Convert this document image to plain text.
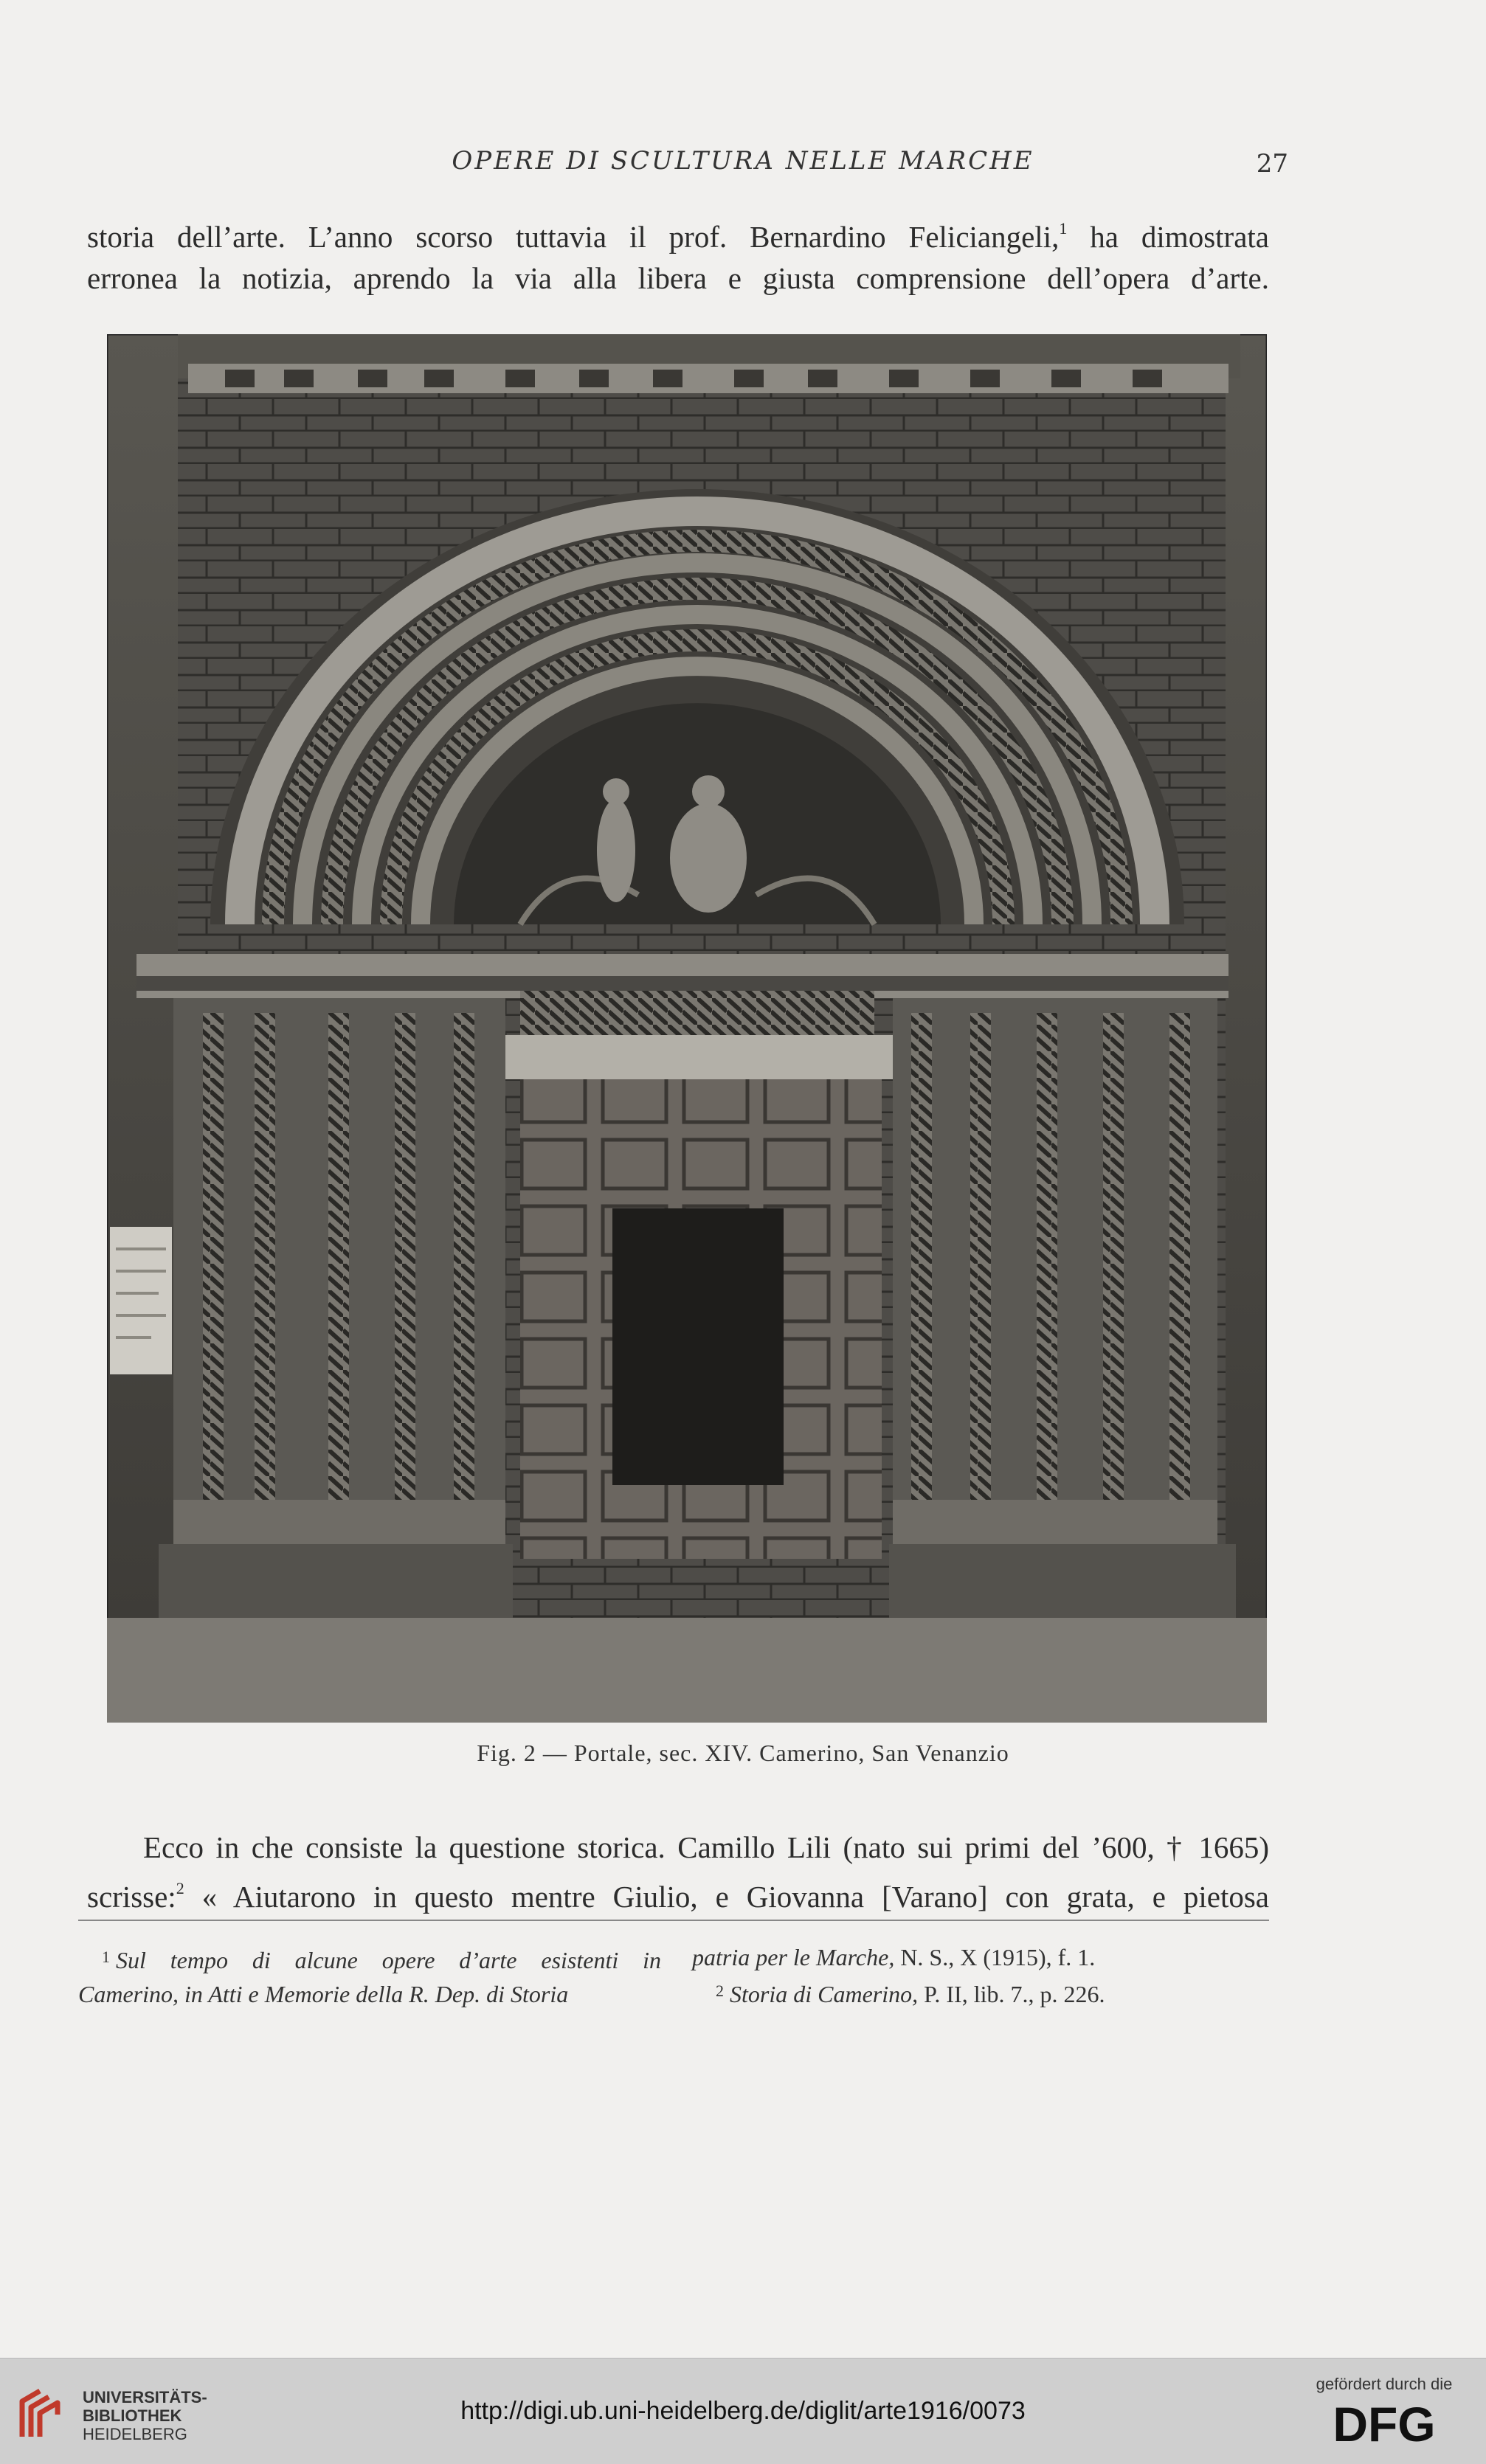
OPERE DI SCULTURA NELLE MARCHE	27

storia dell’arte. L’anno scorso tuttavia il prof. Bernardino Feliciangeli,$^1$ ha dimostrata

erronea la notizia, aprendo la via alla libera e giusta comprensione dell’opera d’arte.

Fig. 2 — Portale, sec. XIV. Camerino, San Venanzio

Ecco in che consiste la questione storica. Camillo Lili (nato sui primi del ’600, † 1665)

scrisse:$^2$ « Aiutarono in questo mentre Giulio, e Giovanna [Varano] con grata, e pietosa

$^1$ Sul tempo di alcune opere d’arte esistenti in
Camerino, in Atti e Memorie della R. Dep. di Storia
patria per le Marche, N. S., X (1915), f. 1.
$^2$ Storia di Camerino, P. II, lib. 7., p. 226.
UNIVERSITÄTS-
BIBLIOTHEK
HEIDELBERG
http://digi.ub.uni-heidelberg.de/diglit/arte1916/0073
gefördert durch die
DFG
